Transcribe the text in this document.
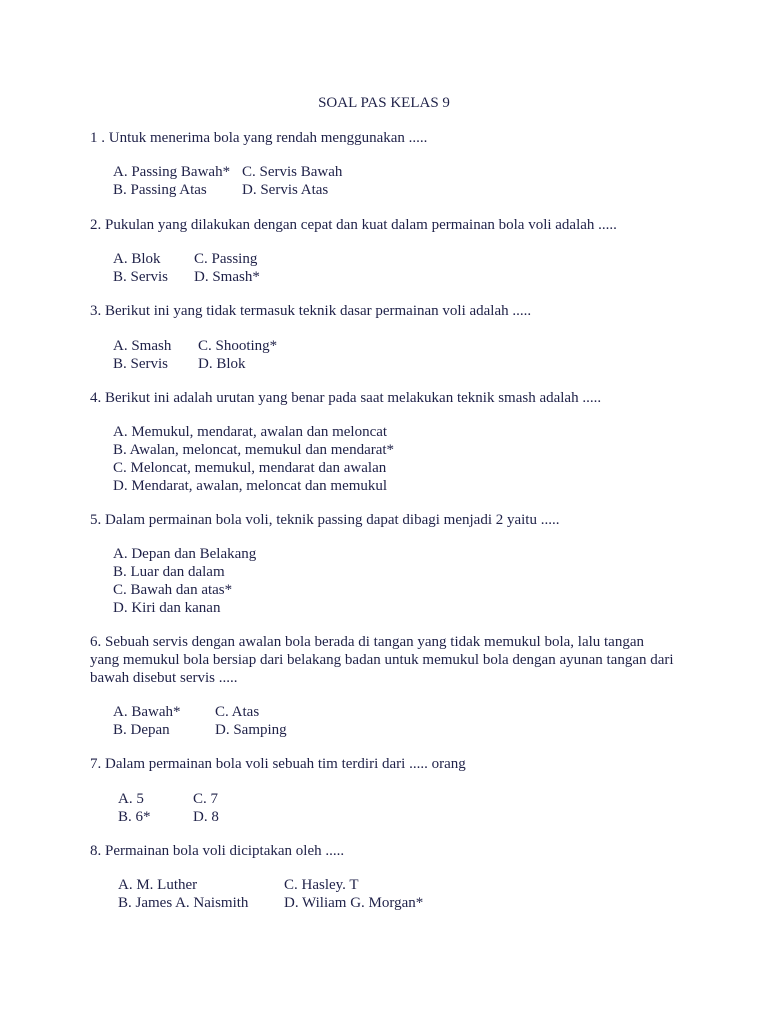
SOAL PAS KELAS 9
1 . Untuk menerima bola yang rendah menggunakan .....
A. Passing Bawah* C. Servis Bawah
B. Passing Atas D. Servis Atas
2. Pukulan yang dilakukan dengan cepat dan kuat dalam permainan bola voli adalah .....
A. Blok C. Passing
B. Servis D. Smash*
3. Berikut ini yang tidak termasuk teknik dasar permainan voli adalah .....
A. Smash C. Shooting*
B. Servis D. Blok
4. Berikut ini adalah urutan yang benar pada saat melakukan teknik smash adalah .....
A. Memukul, mendarat, awalan dan meloncat
B. Awalan, meloncat, memukul dan mendarat*
C. Meloncat, memukul, mendarat dan awalan
D. Mendarat, awalan, meloncat dan memukul
5. Dalam permainan bola voli, teknik passing dapat dibagi menjadi 2 yaitu .....
A. Depan dan Belakang
B. Luar dan dalam
C. Bawah dan atas*
D. Kiri dan kanan
6. Sebuah servis dengan awalan bola berada di tangan yang tidak memukul bola, lalu tangan
yang memukul bola bersiap dari belakang badan untuk memukul bola dengan ayunan tangan dari
bawah disebut servis .....
A. Bawah* C. Atas
B. Depan	D. Samping
7. Dalam permainan bola voli sebuah tim terdiri dari ..... orang
A. 5	C. 7
B. 6*	D. 8
8. Permainan bola voli diciptakan oleh .....
A. M. Luther	C. Hasley. T
B. James A. Naismith D. Wiliam G. Morgan*
